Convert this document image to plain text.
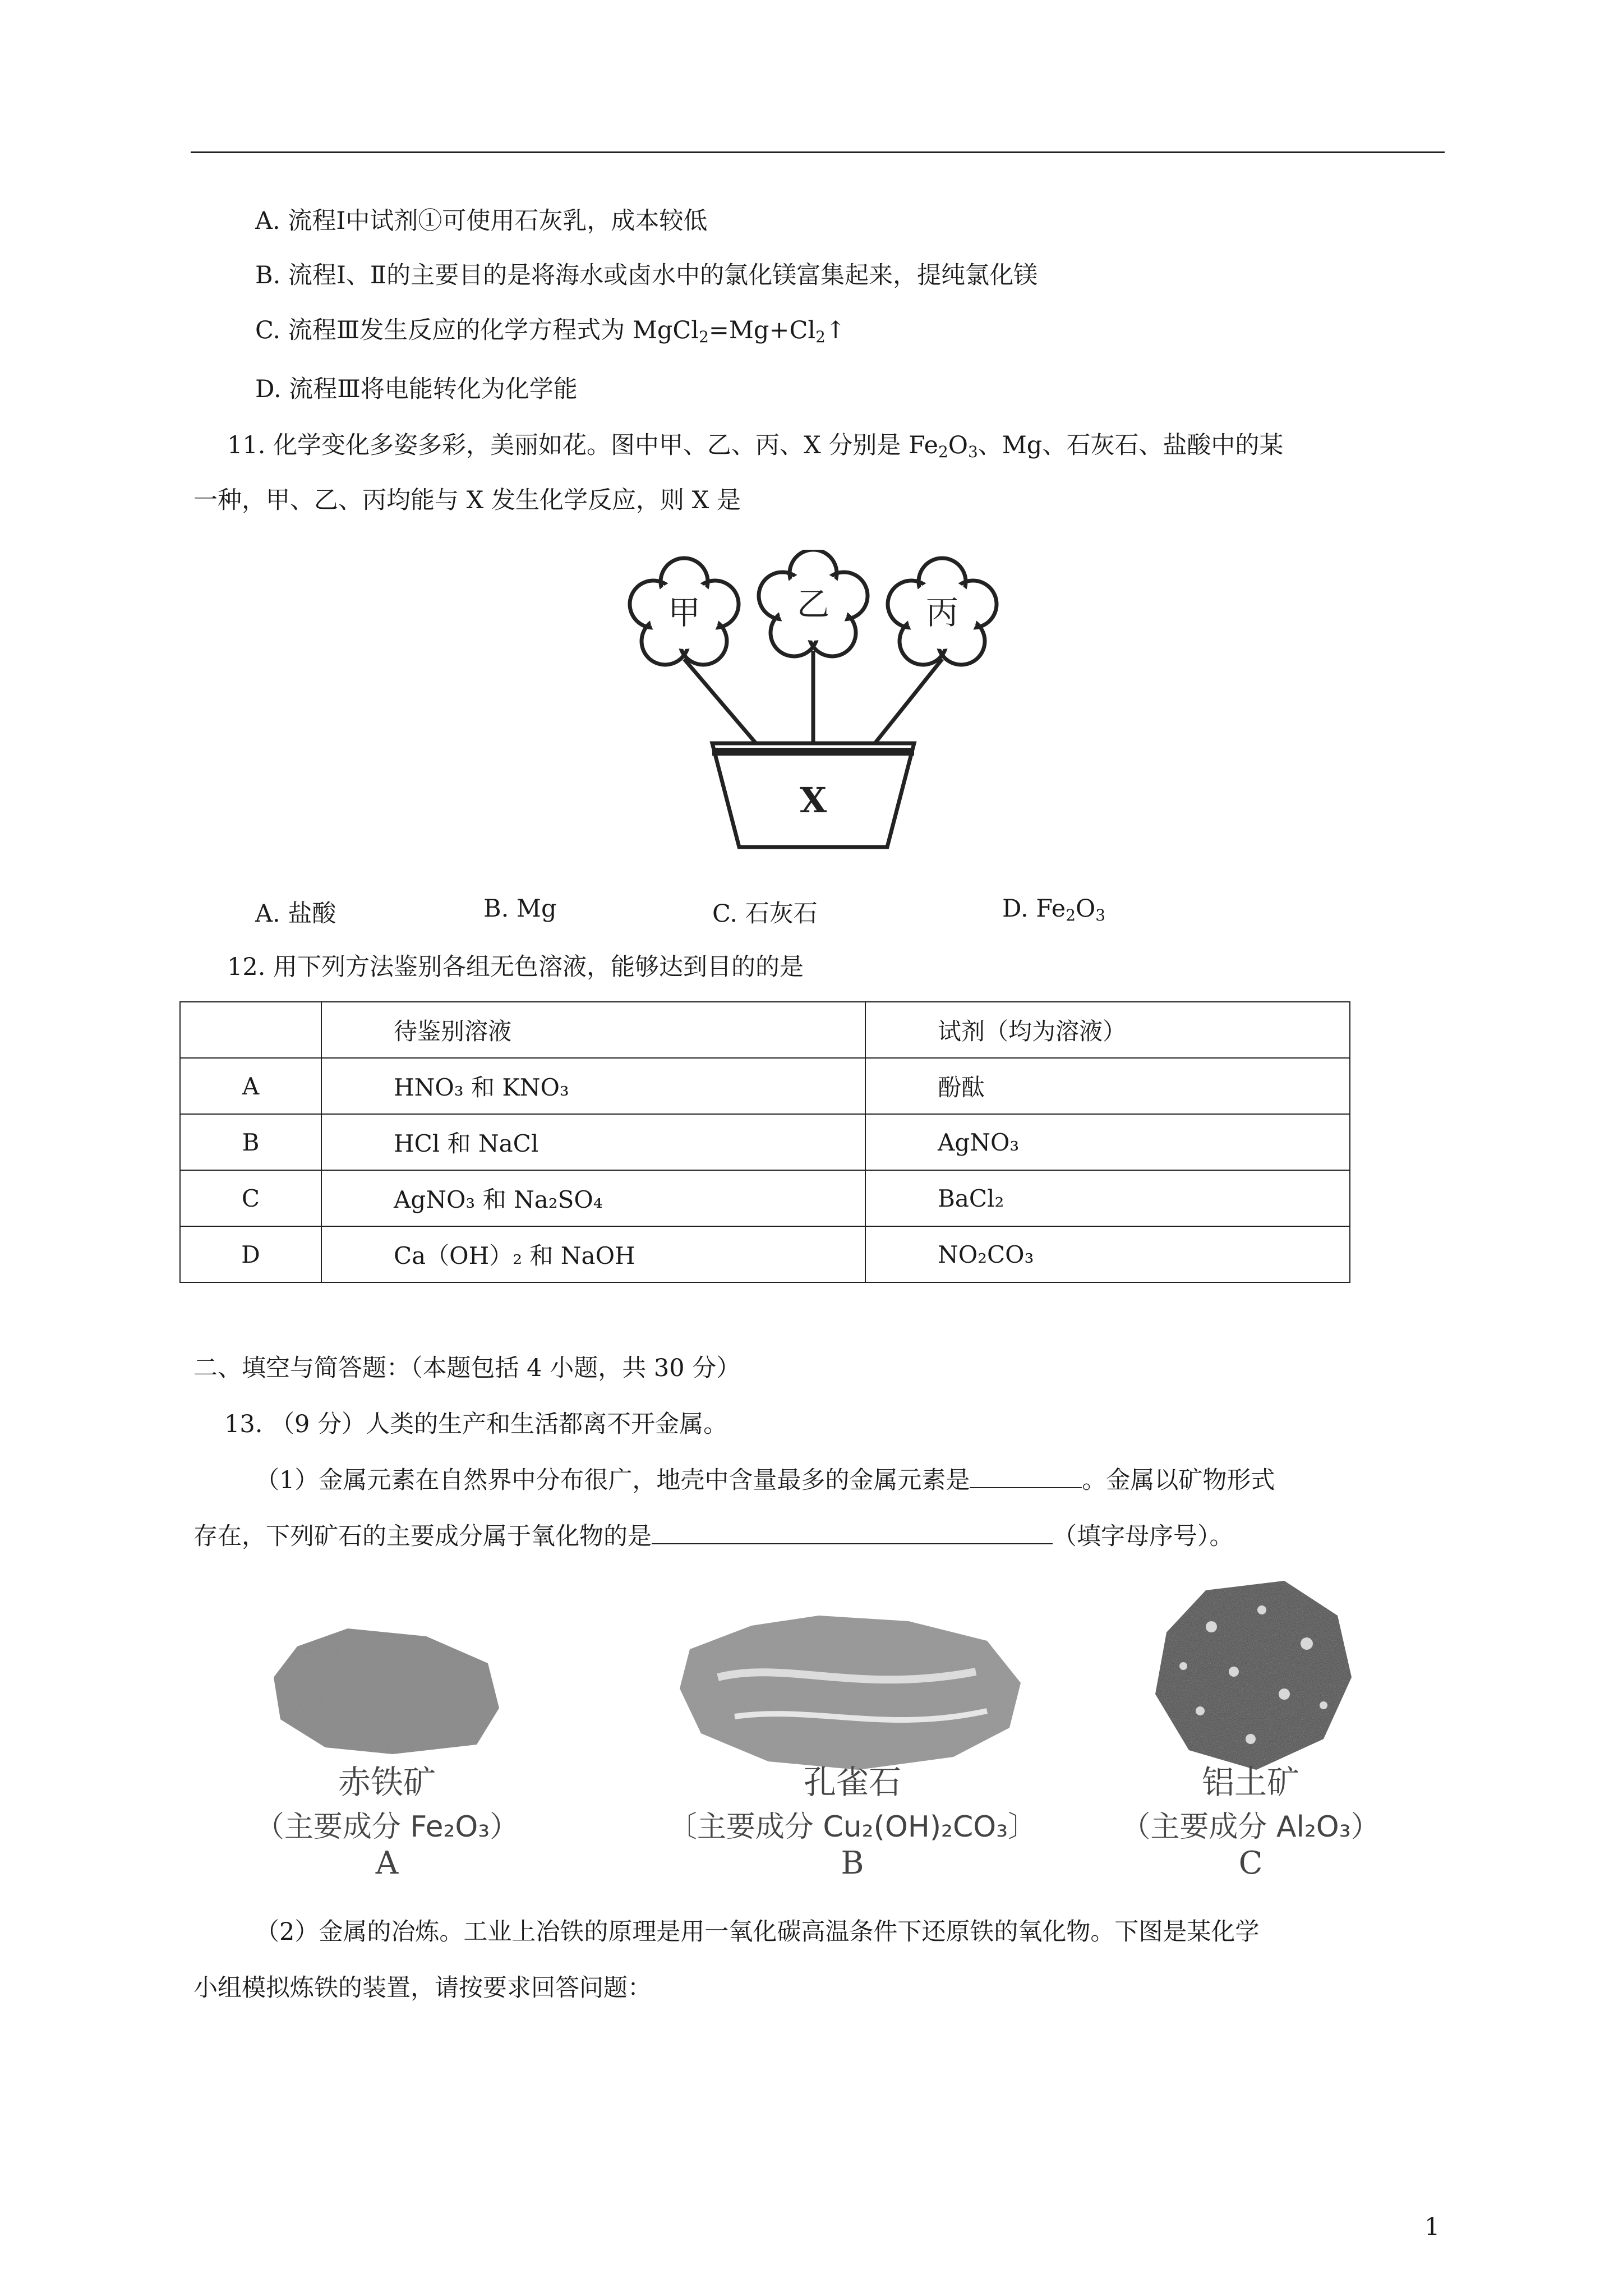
A. 流程Ⅰ中试剂①可使用石灰乳，成本较低
B. 流程Ⅰ、Ⅱ的主要目的是将海水或卤水中的氯化镁富集起来，提纯氯化镁
C. 流程Ⅲ发生反应的化学方程式为 $MgCl_2=Mg+Cl_2↑$
D. 流程Ⅲ将电能转化为化学能
11. 化学变化多姿多彩，美丽如花。图中甲、乙、丙、X 分别是 $Fe_2O_3$、Mg、石灰石、盐酸中的某
一种，甲、乙、丙均能与 X 发生化学反应，则 X 是
甲	乙	丙
X
A. 盐酸	B. Mg	C. 石灰石	D. $Fe_2O_3$
12. 用下列方法鉴别各组无色溶液，能够达到目的的是
	待鉴别溶液	试剂（均为溶液）
A	HNO₃ 和 KNO₃	酚酞
B	HCl 和 NaCl	AgNO₃
C	AgNO₃ 和 Na₂SO₄	BaCl₂
D	Ca（OH）₂ 和 NaOH	NO₂CO₃
二、填空与简答题：（本题包括 4 小题，共 30 分）
13. （9 分）人类的生产和生活都离不开金属。
（1）金属元素在自然界中分布很广，地壳中含量最多的金属元素是	。金属以矿物形式
存在，下列矿石的主要成分属于氧化物的是	（填字母序号）。
赤铁矿
（主要成分 Fe₂O₃）
A
孔雀石
〔主要成分 Cu₂(OH)₂CO₃〕
B
铝土矿
（主要成分 Al₂O₃）
C
（2）金属的冶炼。工业上冶铁的原理是用一氧化碳高温条件下还原铁的氧化物。下图是某化学
小组模拟炼铁的装置，请按要求回答问题：
1
